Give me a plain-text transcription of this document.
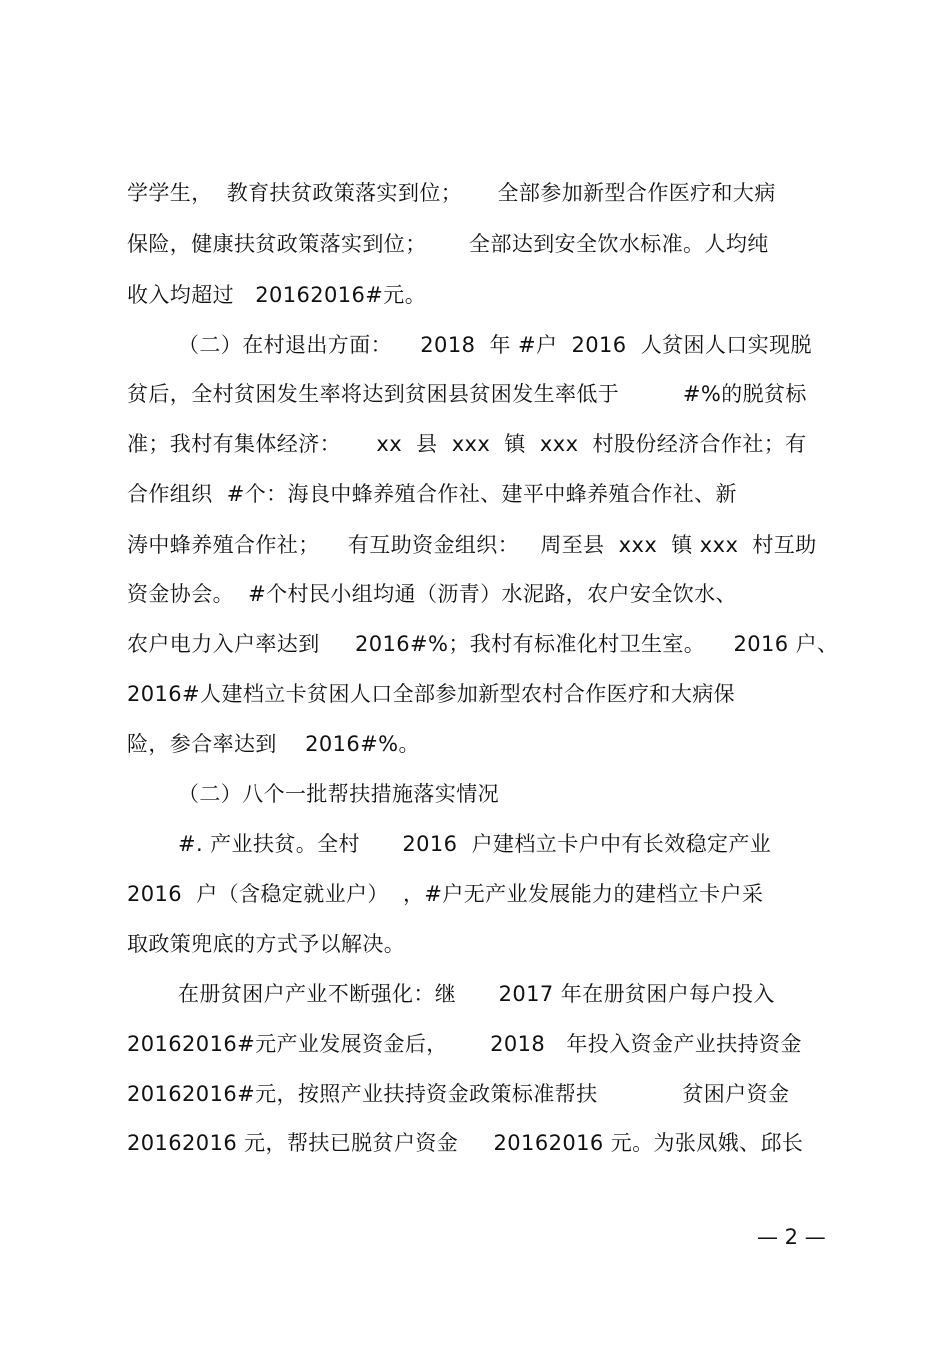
学学生，  教育扶贫政策落实到位；     全部参加新型合作医疗和大病
保险，健康扶贫政策落实到位；      全部达到安全饮水标准。人均纯
收入均超过   20162016#元。
（二）在村退出方面：    2018  年 #户  2016  人贫困人口实现脱
贫后，全村贫困发生率将达到贫困县贫困发生率低于         #%的脱贫标
准；我村有集体经济：     xx  县  xxx  镇  xxx  村股份经济合作社；有
合作组织  #个：海良中蜂养殖合作社、建平中蜂养殖合作社、新
涛中蜂养殖合作社；    有互助资金组织：   周至县  xxx  镇 xxx  村互助
资金协会。  #个村民小组均通（沥青）水泥路，农户安全饮水、
农户电力入户率达到     2016#%；我村有标准化村卫生室。    2016 户、
2016#人建档立卡贫困人口全部参加新型农村合作医疗和大病保
险，参合率达到    2016#%。
（二）八个一批帮扶措施落实情况
#. 产业扶贫。全村      2016  户建档立卡户中有长效稳定产业
2016  户（含稳定就业户）  ，#户无产业发展能力的建档立卡户采
取政策兜底的方式予以解决。
在册贫困户产业不断强化：继      2017 年在册贫困户每户投入
20162016#元产业发展资金后，      2018   年投入资金产业扶持资金
20162016#元，按照产业扶持资金政策标准帮扶            贫困户资金
20162016 元，帮扶已脱贫户资金     20162016 元。为张凤娥、邱长
— 2 —
